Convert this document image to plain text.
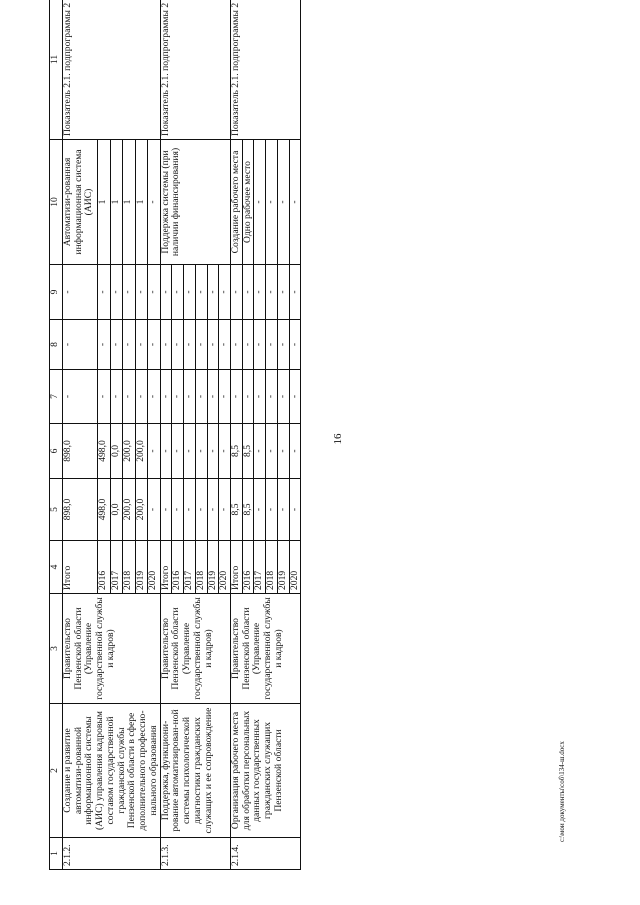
16
1	2	3	4	5	6	7	8	9	10	11
2.1.2.	Создание и развитие автоматизи-рованной информационной системы (АИС) управления кадровым составом государственной гражданской службы Пензенской области в сфере дополнительного профессио-нального образования	Правительство Пензенской области (Управление государственной службы и кадров)	Итого	898,0	898,0	-	-	-	Автоматизи-рованная информационная система (АИС)	Показатель 2.1. подпрограммы 2
			2016	498,0	498,0	-	-	-	1	
			2017	0,0	0,0	-	-	-	1	
			2018	200,0	200,0	-	-	-	1	
			2019	200,0	200,0	-	-	-	1	
			2020	-	-	-	-	-	-	
2.1.3.	Поддержка, функциони-рование автоматизирован-ной системы психологической диагностики гражданских служащих и ее сопровождение	Правительство Пензенской области (Управление государственной службы и кадров)	Итого	-	-	-	-	-	Поддержка системы (при наличии финансирования)	Показатель 2.1. подпрограммы 2
			2016	-	-	-	-	-		
			2017	-	-	-	-	-		
			2018	-	-	-	-	-		
			2019	-	-	-	-	-		
			2020	-	-	-	-	-		
2.1.4.	Организация рабочего места для обработки персональных данных государственных гражданских служащих Пензенской области	Правительство Пензенской области (Управление государственной службы и кадров)	Итого	8,5	8,5	-	-	-	Создание рабочего места	Показатель 2.1. подпрограммы 2
			2016	8,5	8,5	-	-	-	Одно рабочее место	
			2017	-	-	-	-	-	-	
			2018	-	-	-	-	-	-	
			2019	-	-	-	-	-	-	
			2020	-	-	-	-	-	-	
c:\мои документы\соб\134-ш.docx
